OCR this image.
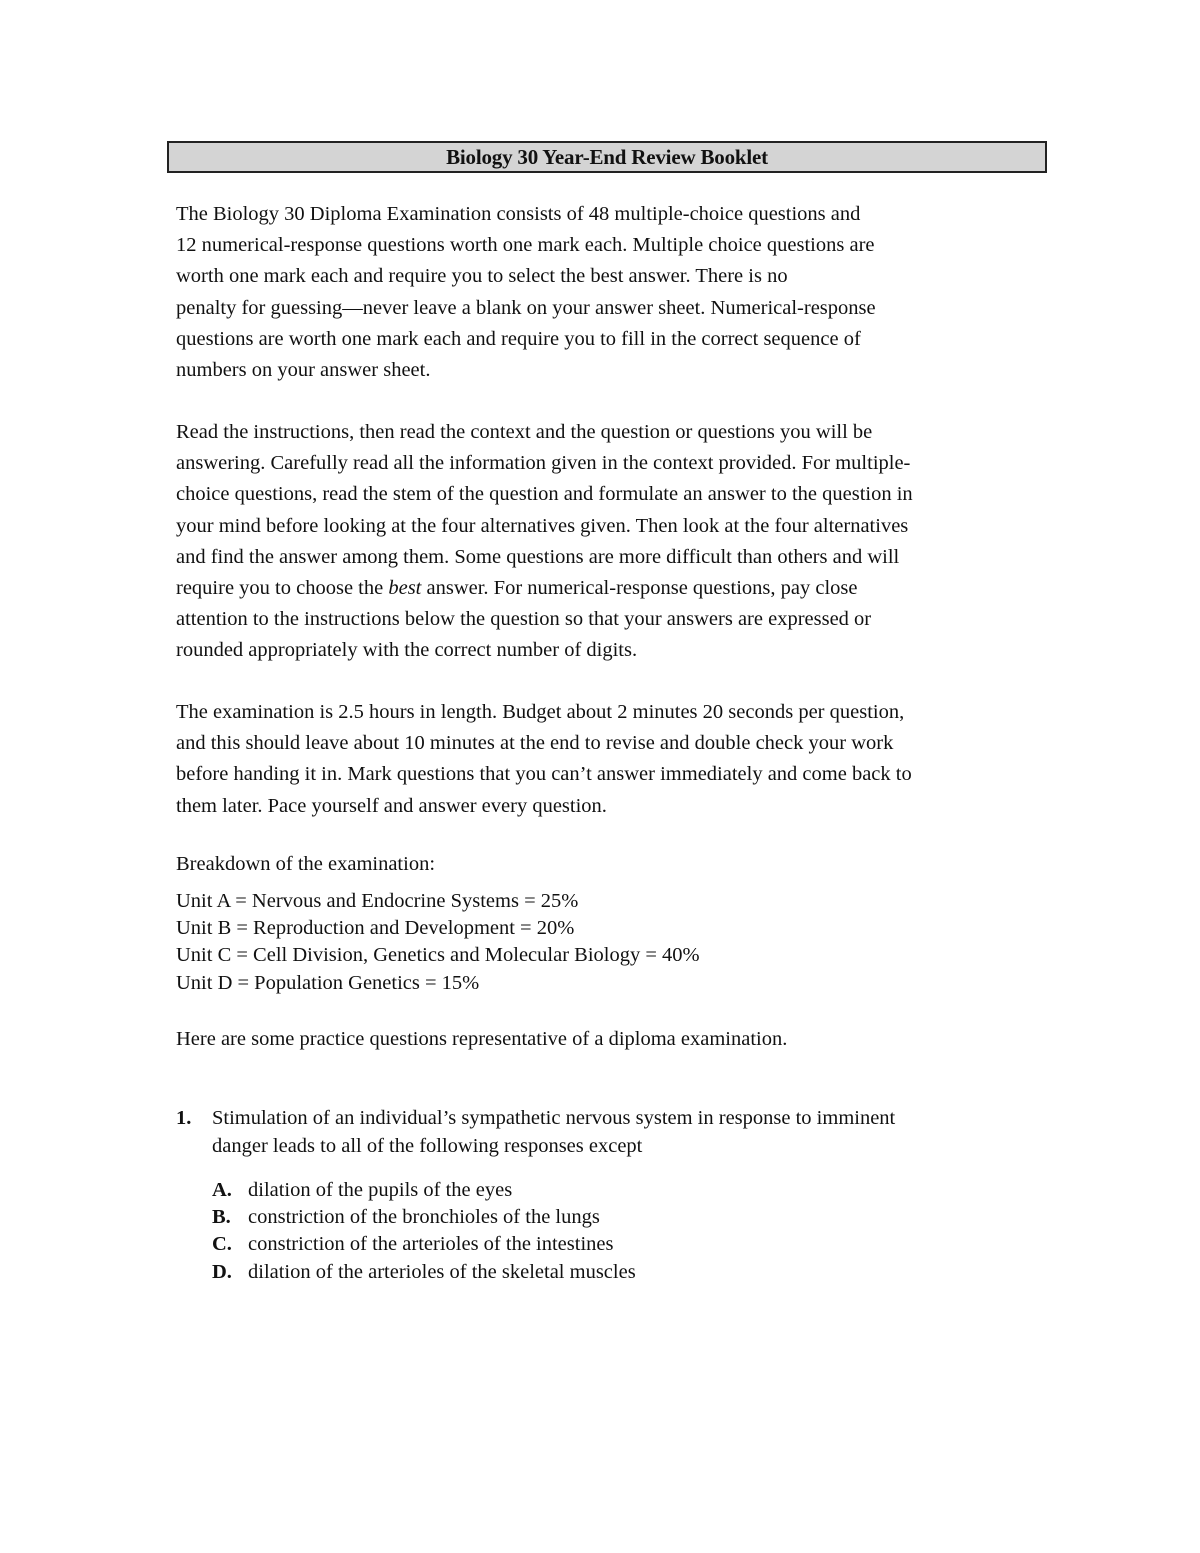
Biology 30 Year-End Review Booklet

The Biology 30 Diploma Examination consists of 48 multiple-choice questions and
12 numerical-response questions worth one mark each. Multiple choice questions are
worth one mark each and require you to select the best answer. There is no
penalty for guessing—never leave a blank on your answer sheet. Numerical-response
questions are worth one mark each and require you to fill in the correct sequence of
numbers on your answer sheet.

Read the instructions, then read the context and the question or questions you will be
answering. Carefully read all the information given in the context provided. For multiple-
choice questions, read the stem of the question and formulate an answer to the question in
your mind before looking at the four alternatives given. Then look at the four alternatives
and find the answer among them. Some questions are more difficult than others and will
require you to choose the best answer. For numerical-response questions, pay close
attention to the instructions below the question so that your answers are expressed or
rounded appropriately with the correct number of digits.

The examination is 2.5 hours in length. Budget about 2 minutes 20 seconds per question,
and this should leave about 10 minutes at the end to revise and double check your work
before handing it in. Mark questions that you can’t answer immediately and come back to
them later. Pace yourself and answer every question.

Breakdown of the examination:

Unit A = Nervous and Endocrine Systems = 25%
Unit B = Reproduction and Development = 20%
Unit C = Cell Division, Genetics and Molecular Biology = 40%
Unit D = Population Genetics = 15%

Here are some practice questions representative of a diploma examination.

1. Stimulation of an individual’s sympathetic nervous system in response to imminent
danger leads to all of the following responses except
A. dilation of the pupils of the eyes
B. constriction of the bronchioles of the lungs
C. constriction of the arterioles of the intestines
D. dilation of the arterioles of the skeletal muscles
